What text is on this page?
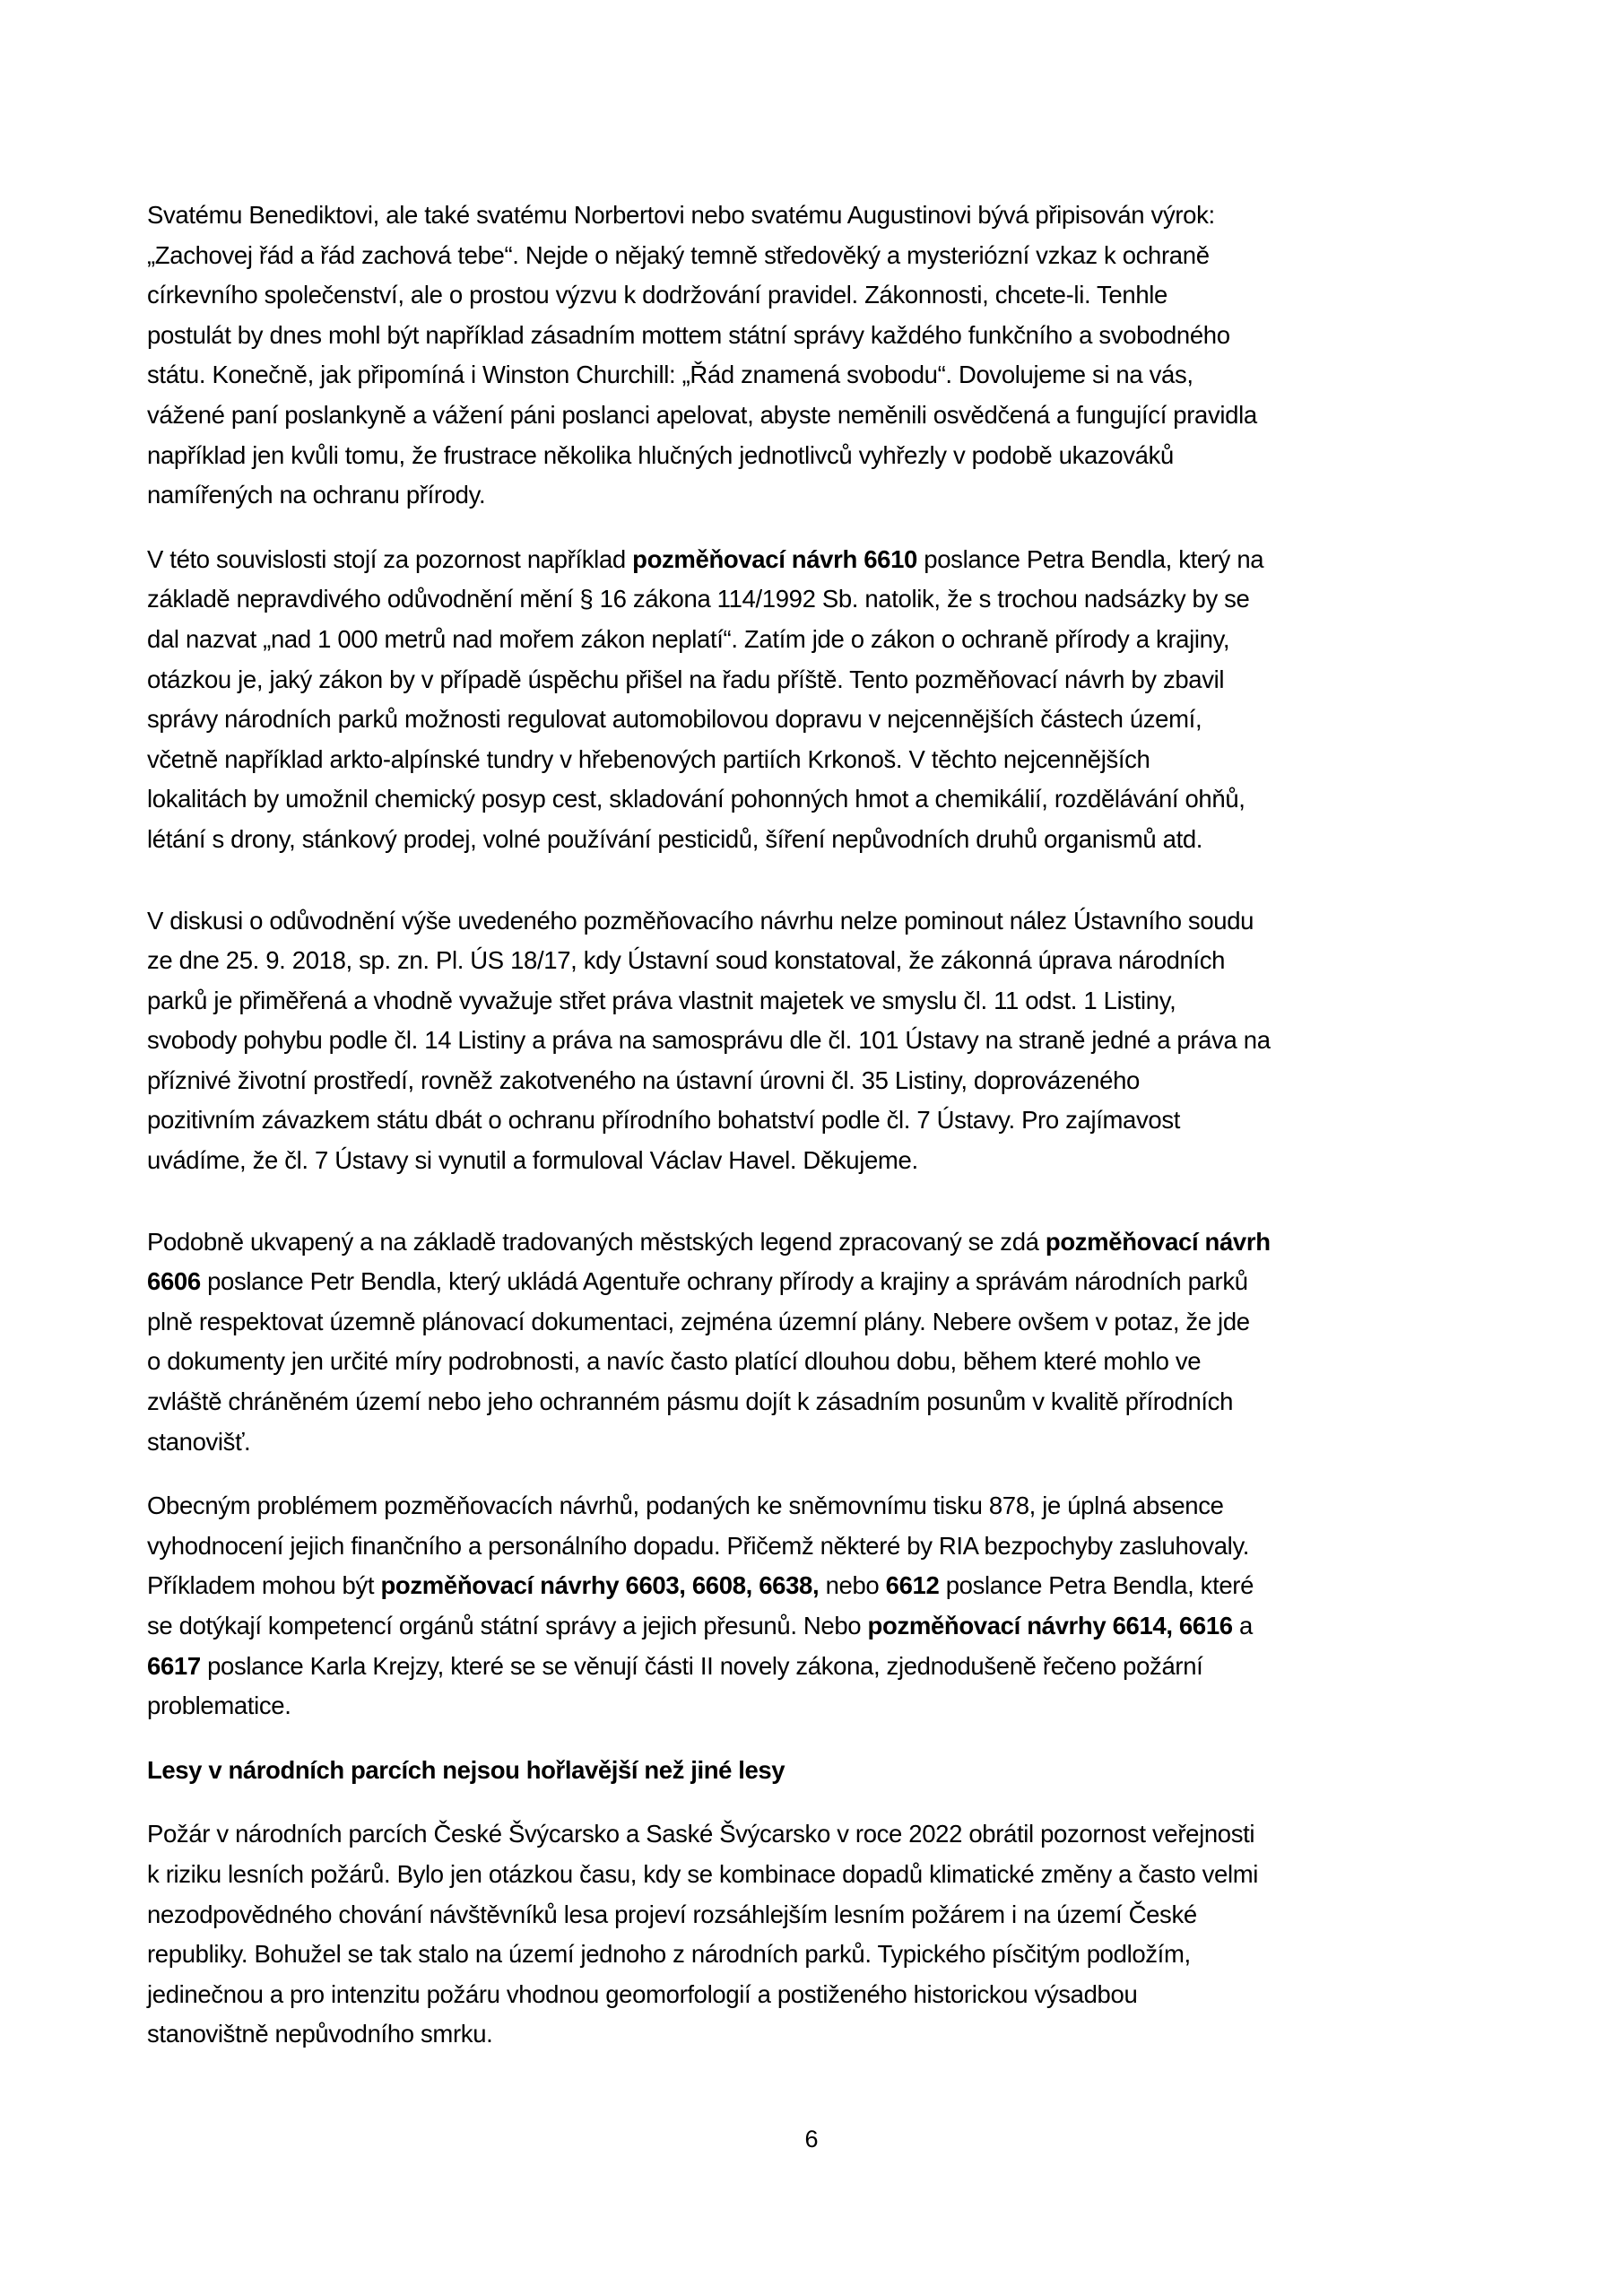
Svatému Benediktovi, ale také svatému Norbertovi nebo svatému Augustinovi bývá připisován výrok:
„Zachovej řád a řád zachová tebe“. Nejde o nějaký temně středověký a mysteriózní vzkaz k ochraně
církevního společenství, ale o prostou výzvu k dodržování pravidel. Zákonnosti, chcete-li. Tenhle
postulát by dnes mohl být například zásadním mottem státní správy každého funkčního a svobodného
státu. Konečně, jak připomíná i Winston Churchill: „Řád znamená svobodu“. Dovolujeme si na vás,
vážené paní poslankyně a vážení páni poslanci apelovat, abyste neměnili osvědčená a fungující pravidla
například jen kvůli tomu, že frustrace několika hlučných jednotlivců vyhřezly v podobě ukazováků
namířených na ochranu přírody.
V této souvislosti stojí za pozornost například pozměňovací návrh 6610 poslance Petra Bendla, který na
základě nepravdivého odůvodnění mění § 16 zákona 114/1992 Sb. natolik, že s trochou nadsázky by se
dal nazvat „nad 1 000 metrů nad mořem zákon neplatí“. Zatím jde o zákon o ochraně přírody a krajiny,
otázkou je, jaký zákon by v případě úspěchu přišel na řadu příště. Tento pozměňovací návrh by zbavil
správy národních parků možnosti regulovat automobilovou dopravu v nejcennějších částech území,
včetně například arkto-alpínské tundry v hřebenových partiích Krkonoš. V těchto nejcennějších
lokalitách by umožnil chemický posyp cest, skladování pohonných hmot a chemikálií, rozdělávání ohňů,
létání s drony, stánkový prodej, volné používání pesticidů, šíření nepůvodních druhů organismů atd.
V diskusi o odůvodnění výše uvedeného pozměňovacího návrhu nelze pominout nález Ústavního soudu
ze dne 25. 9. 2018, sp. zn. Pl. ÚS 18/17, kdy Ústavní soud konstatoval, že zákonná úprava národních
parků je přiměřená a vhodně vyvažuje střet práva vlastnit majetek ve smyslu čl. 11 odst. 1 Listiny,
svobody pohybu podle čl. 14 Listiny a práva na samosprávu dle čl. 101 Ústavy na straně jedné a práva na
příznivé životní prostředí, rovněž zakotveného na ústavní úrovni čl. 35 Listiny, doprovázeného
pozitivním závazkem státu dbát o ochranu přírodního bohatství podle čl. 7 Ústavy. Pro zajímavost
uvádíme, že čl. 7 Ústavy si vynutil a formuloval Václav Havel. Děkujeme.
Podobně ukvapený a na základě tradovaných městských legend zpracovaný se zdá pozměňovací návrh
6606 poslance Petr Bendla, který ukládá Agentuře ochrany přírody a krajiny a správám národních parků
plně respektovat územně plánovací dokumentaci, zejména územní plány. Nebere ovšem v potaz, že jde
o dokumenty jen určité míry podrobnosti, a navíc často platící dlouhou dobu, během které mohlo ve
zvláště chráněném území nebo jeho ochranném pásmu dojít k zásadním posunům v kvalitě přírodních
stanovišť.
Obecným problémem pozměňovacích návrhů, podaných ke sněmovnímu tisku 878, je úplná absence
vyhodnocení jejich finančního a personálního dopadu. Přičemž některé by RIA bezpochyby zasluhovaly.
Příkladem mohou být pozměňovací návrhy 6603, 6608, 6638, nebo 6612 poslance Petra Bendla, které
se dotýkají kompetencí orgánů státní správy a jejich přesunů. Nebo pozměňovací návrhy 6614, 6616 a
6617 poslance Karla Krejzy, které se se věnují části II novely zákona, zjednodušeně řečeno požární
problematice.
Lesy v národních parcích nejsou hořlavější než jiné lesy
Požár v národních parcích České Švýcarsko a Saské Švýcarsko v roce 2022 obrátil pozornost veřejnosti
k riziku lesních požárů. Bylo jen otázkou času, kdy se kombinace dopadů klimatické změny a často velmi
nezodpovědného chování návštěvníků lesa projeví rozsáhlejším lesním požárem i na území České
republiky. Bohužel se tak stalo na území jednoho z národních parků. Typického písčitým podložím,
jedinečnou a pro intenzitu požáru vhodnou geomorfologií a postiženého historickou výsadbou
stanovištně nepůvodního smrku.
6
